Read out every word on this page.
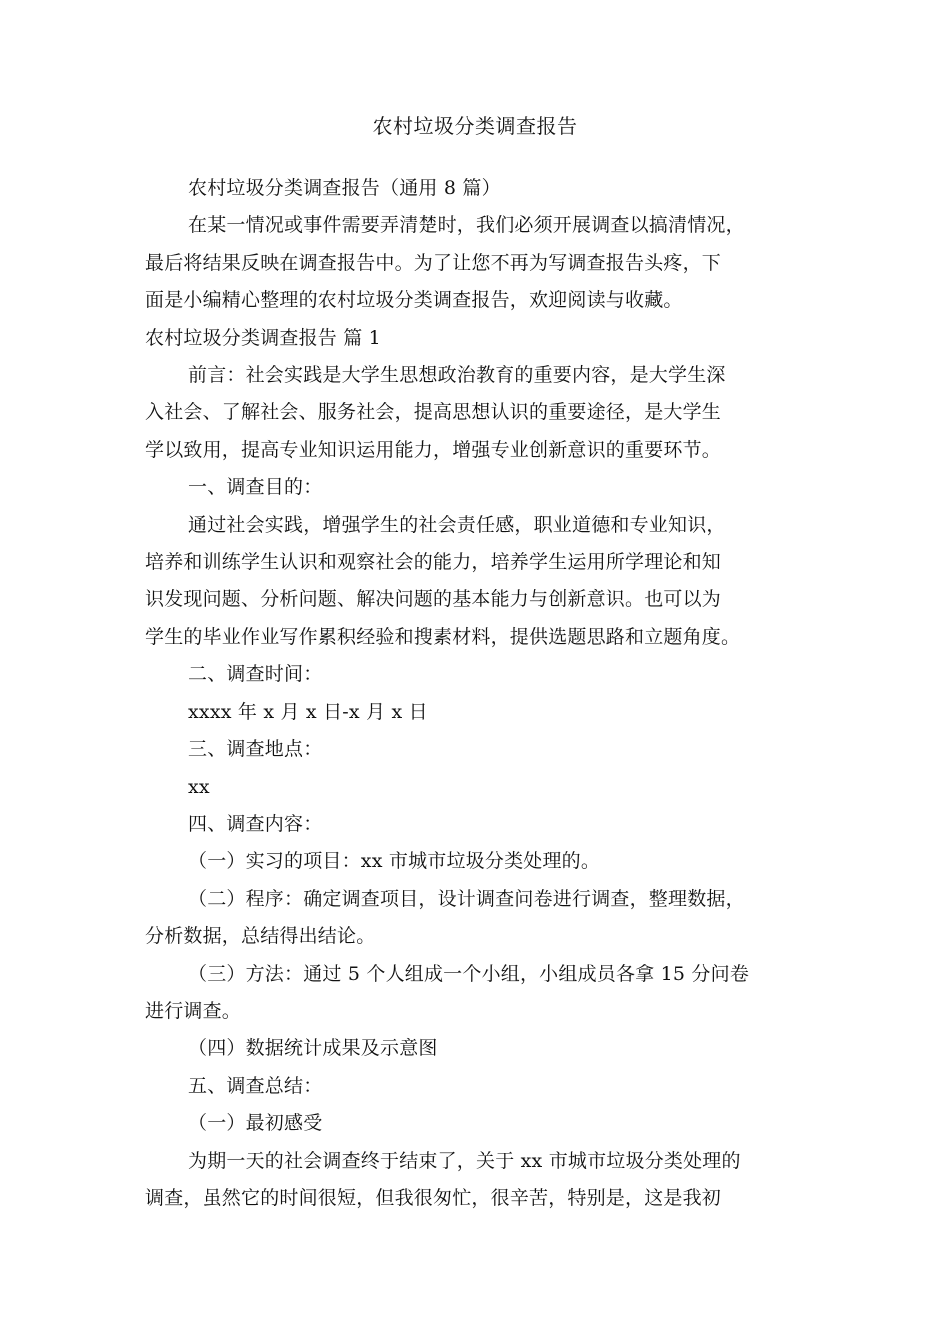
农村垃圾分类调查报告

农村垃圾分类调查报告（通用 8 篇）

在某一情况或事件需要弄清楚时，我们必须开展调查以搞清情况，

最后将结果反映在调查报告中。为了让您不再为写调查报告头疼，下

面是小编精心整理的农村垃圾分类调查报告，欢迎阅读与收藏。

农村垃圾分类调查报告 篇 1

前言：社会实践是大学生思想政治教育的重要内容，是大学生深

入社会、了解社会、服务社会，提高思想认识的重要途径，是大学生

学以致用，提高专业知识运用能力，增强专业创新意识的重要环节。

一、调查目的：

通过社会实践，增强学生的社会责任感，职业道德和专业知识，

培养和训练学生认识和观察社会的能力，培养学生运用所学理论和知

识发现问题、分析问题、解决问题的基本能力与创新意识。也可以为

学生的毕业作业写作累积经验和搜素材料，提供选题思路和立题角度。

二、调查时间：

xxxx 年 x 月 x 日-x 月 x 日

三、调查地点：

xx

四、调查内容：

（一）实习的项目：xx 市城市垃圾分类处理的。

（二）程序：确定调查项目，设计调查问卷进行调查，整理数据，

分析数据，总结得出结论。

（三）方法：通过 5 个人组成一个小组，小组成员各拿 15 分问卷

进行调查。

（四）数据统计成果及示意图

五、调查总结：

（一）最初感受

为期一天的社会调查终于结束了，关于 xx 市城市垃圾分类处理的

调查，虽然它的时间很短，但我很匆忙，很辛苦，特别是，这是我初
